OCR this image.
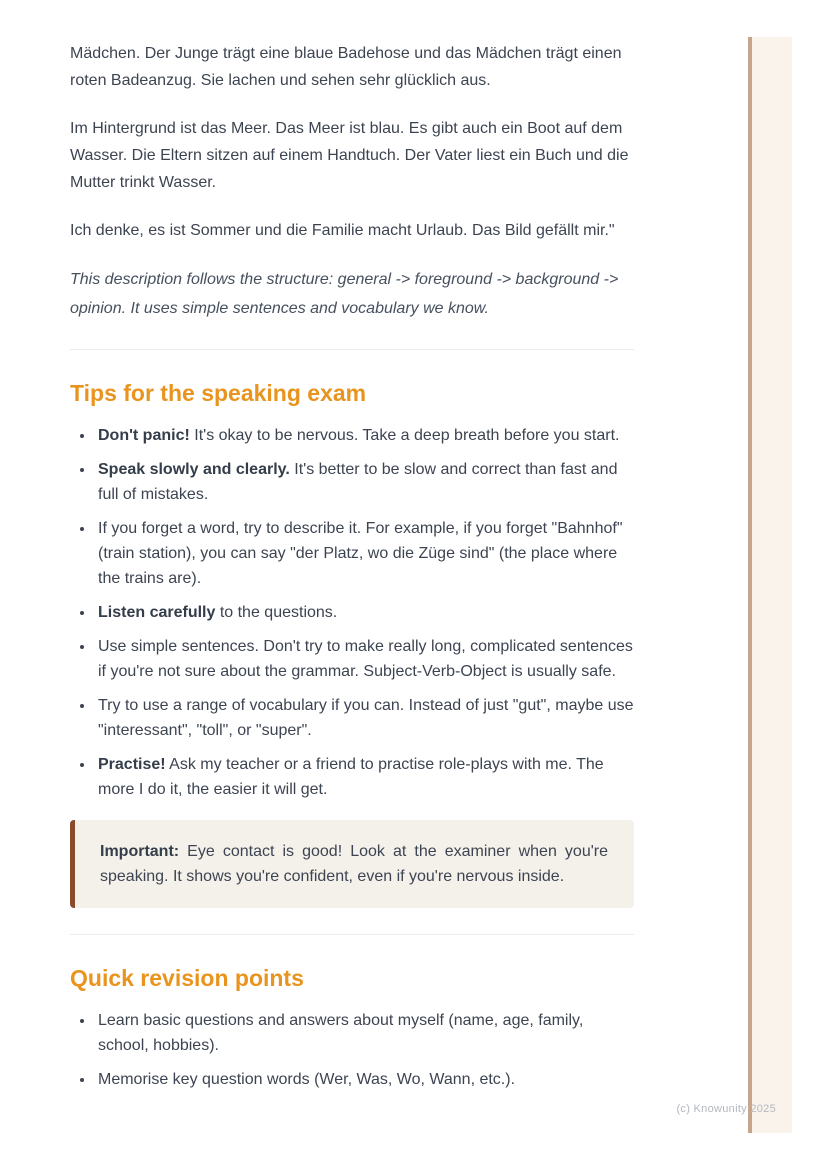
Mädchen. Der Junge trägt eine blaue Badehose und das Mädchen trägt einen roten Badeanzug. Sie lachen und sehen sehr glücklich aus.

Im Hintergrund ist das Meer. Das Meer ist blau. Es gibt auch ein Boot auf dem Wasser. Die Eltern sitzen auf einem Handtuch. Der Vater liest ein Buch und die Mutter trinkt Wasser.

Ich denke, es ist Sommer und die Familie macht Urlaub. Das Bild gefällt mir."

This description follows the structure: general -> foreground -> background -> opinion. It uses simple sentences and vocabulary we know.

Tips for the speaking exam
• Don't panic! It's okay to be nervous. Take a deep breath before you start.
• Speak slowly and clearly. It's better to be slow and correct than fast and full of mistakes.
• If you forget a word, try to describe it. For example, if you forget "Bahnhof" (train station), you can say "der Platz, wo die Züge sind" (the place where the trains are).
• Listen carefully to the questions.
• Use simple sentences. Don't try to make really long, complicated sentences if you're not sure about the grammar. Subject-Verb-Object is usually safe.
• Try to use a range of vocabulary if you can. Instead of just "gut", maybe use "interessant", "toll", or "super".
• Practise! Ask my teacher or a friend to practise role-plays with me. The more I do it, the easier it will get.

Important: Eye contact is good! Look at the examiner when you're speaking. It shows you're confident, even if you're nervous inside.

Quick revision points
• Learn basic questions and answers about myself (name, age, family, school, hobbies).
• Memorise key question words (Wer, Was, Wo, Wann, etc.).
(c) Knowunity 2025
